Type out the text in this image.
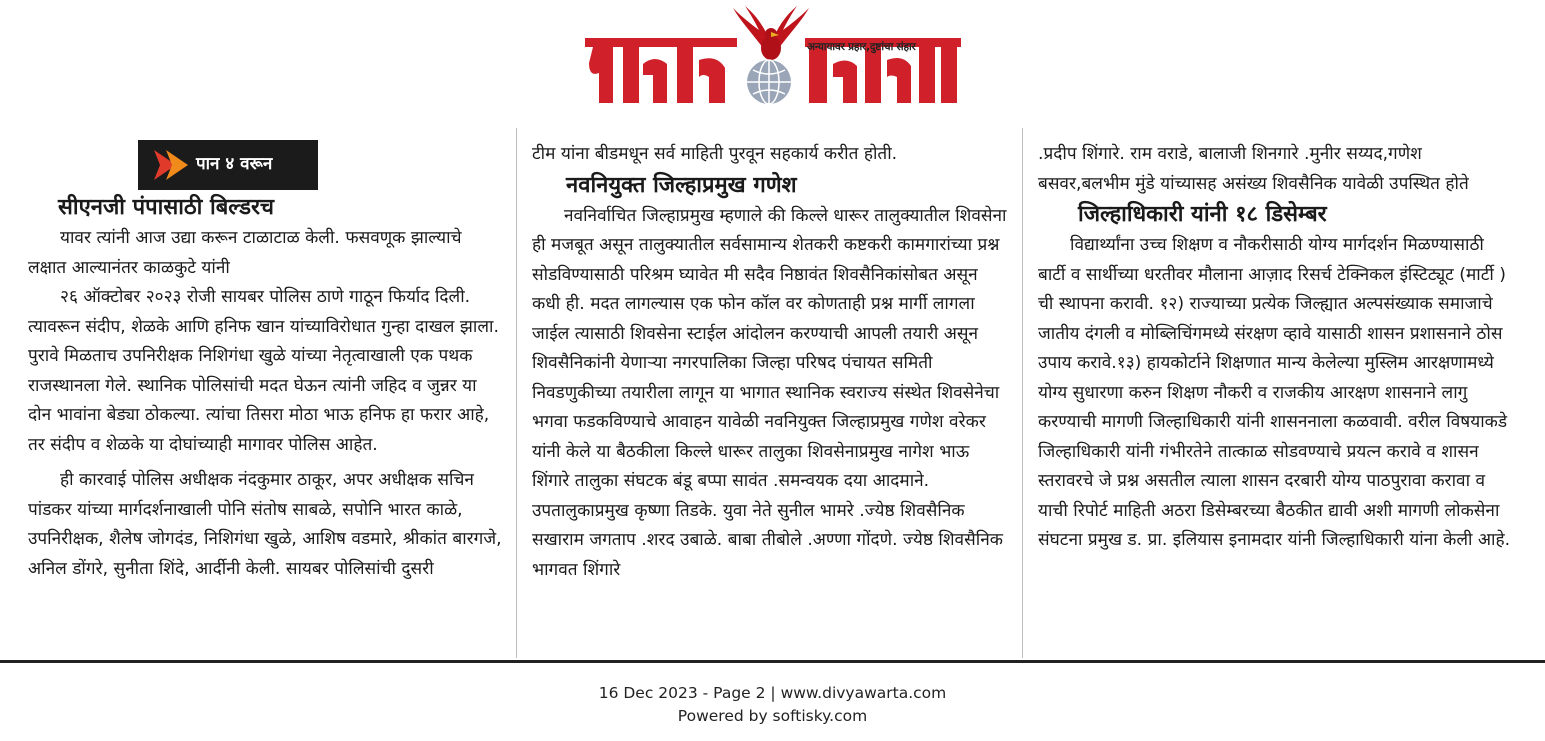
अन्यायावर प्रहार,दुष्टांचा संहार
पान ४ वरून

सीएनजी पंपासाठी बिल्डरच

यावर त्यांनी आज उद्या करून टाळाटाळ केली. फसवणूक झाल्याचे लक्षात आल्यानंतर काळकुटे यांनी

२६ ऑक्टोबर २०२३ रोजी सायबर पोलिस ठाणे गाठून फिर्याद दिली. त्यावरून संदीप, शेळके आणि हनिफ खान यांच्याविरोधात गुन्हा दाखल झाला. पुरावे मिळताच उपनिरीक्षक निशिगंधा खुळे यांच्या नेतृत्वाखाली एक पथक राजस्थानला गेले. स्थानिक पोलिसांची मदत घेऊन त्यांनी जहिद व जुन्नर या दोन भावांना बेड्या ठोकल्या. त्यांचा तिसरा मोठा भाऊ हनिफ हा फरार आहे, तर संदीप व शेळके या दोघांच्याही मागावर पोलिस आहेत.

ही कारवाई पोलिस अधीक्षक नंदकुमार ठाकूर, अपर अधीक्षक सचिन पांडकर यांच्या मार्गदर्शनाखाली पोनि संतोष साबळे, सपोनि भारत काळे, उपनिरीक्षक, शैलेष जोगदंड, निशिगंधा खुळे, आशिष वडमारे, श्रीकांत बारगजे, अनिल डोंगरे, सुनीता शिंदे, आर्दीनी केली. सायबर पोलिसांची दुसरी

टीम यांना बीडमधून सर्व माहिती पुरवून सहकार्य करीत होती.

नवनियुक्त जिल्हाप्रमुख गणेश

नवनिर्वाचित जिल्हाप्रमुख म्हणाले की किल्ले धारूर तालुक्यातील शिवसेना ही मजबूत असून तालुक्यातील सर्वसामान्य शेतकरी कष्टकरी कामगारांच्या प्रश्न सोडविण्यासाठी परिश्रम घ्यावेत मी सदैव निष्ठावंत शिवसैनिकांसोबत असून कधी ही. मदत लागल्यास एक फोन कॉल वर कोणताही प्रश्न मार्गी लागला जाईल त्यासाठी शिवसेना स्टाईल आंदोलन करण्याची आपली तयारी असून शिवसैनिकांनी येणाऱ्या नगरपालिका जिल्हा परिषद पंचायत समिती निवडणुकीच्या तयारीला लागून या भागात स्थानिक स्वराज्य संस्थेत शिवसेनेचा भगवा फडकविण्याचे आवाहन यावेळी नवनियुक्त जिल्हाप्रमुख गणेश वरेकर यांनी केले या बैठकीला किल्ले धारूर तालुका शिवसेनाप्रमुख नागेश भाऊ शिंगारे तालुका संघटक बंडू बप्पा सावंत .समन्वयक दया आदमाने. उपतालुकाप्रमुख कृष्णा तिडके. युवा नेते सुनील भामरे .ज्येष्ठ शिवसैनिक सखाराम जगताप .शरद उबाळे. बाबा तीबोले .अण्णा गोंदणे. ज्येष्ठ शिवसैनिक भागवत शिंगारे

.प्रदीप शिंगारे. राम वराडे, बालाजी शिनगारे .मुनीर सय्यद,गणेश बसवर,बलभीम मुंडे यांच्यासह असंख्य शिवसैनिक यावेळी उपस्थित होते

जिल्हाधिकारी यांनी १८ डिसेम्बर

विद्यार्थ्यांना उच्च शिक्षण व नौकरीसाठी योग्य मार्गदर्शन मिळण्यासाठी बार्टी व सार्थीच्या धरतीवर मौलाना आज़ाद रिसर्च टेक्निकल इंस्टिट्यूट (मार्टी ) ची स्थापना करावी. १२) राज्याच्या प्रत्येक जिल्ह्यात अल्पसंख्याक समाजाचे जातीय दंगली व मोब्लिचिंगमध्ये संरक्षण व्हावे यासाठी शासन प्रशासनाने ठोस उपाय करावे.१३) हायकोर्टाने शिक्षणात मान्य केलेल्या मुस्लिम आरक्षणामध्ये योग्य सुधारणा करुन शिक्षण नौकरी व राजकीय आरक्षण शासनाने लागु करण्याची मागणी जिल्हाधिकारी यांनी शासननाला कळवावी. वरील विषयाकडे जिल्हाधिकारी यांनी गंभीरतेने तात्काळ सोडवण्याचे प्रयत्न करावे व शासन स्तरावरचे जे प्रश्न असतील त्याला शासन दरबारी योग्य पाठपुरावा करावा व याची रिपोर्ट माहिती अठरा डिसेम्बरच्या बैठकीत द्यावी अशी मागणी लोकसेना संघटना प्रमुख ड. प्रा. इलियास इनामदार यांनी जिल्हाधिकारी यांना केली आहे.

16 Dec 2023 - Page 2 | www.divyawarta.com
Powered by softisky.com
